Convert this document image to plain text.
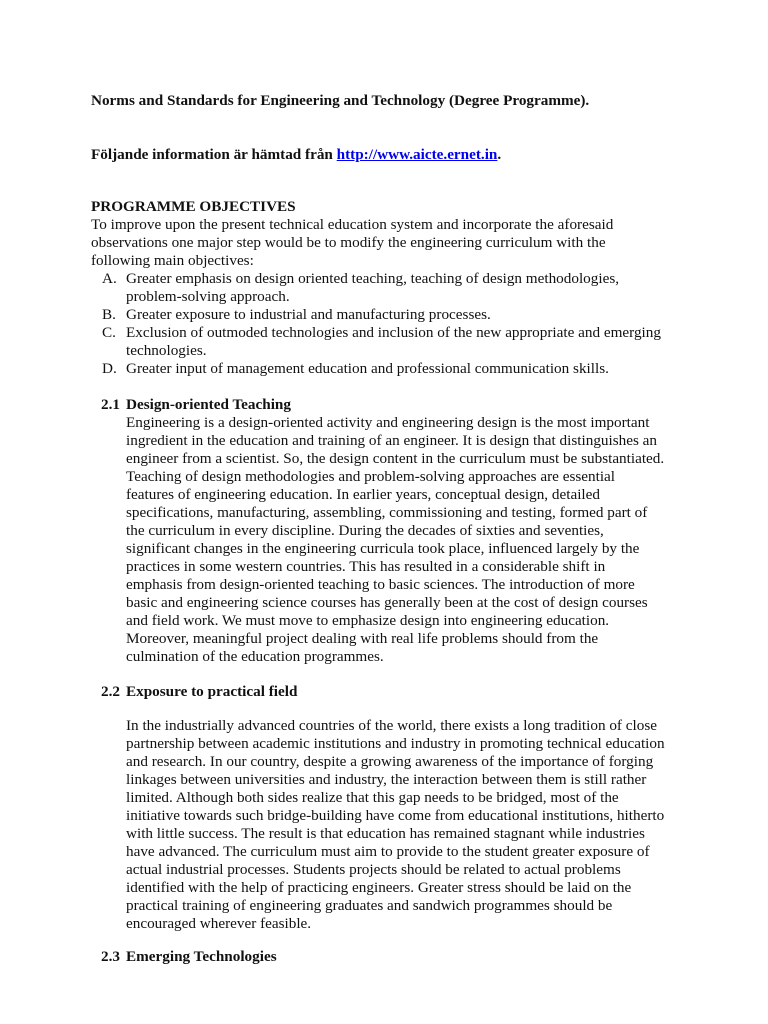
Norms and Standards for Engineering and Technology (Degree Programme).
Följande information är hämtad från http://www.aicte.ernet.in.
PROGRAMME OBJECTIVES
To improve upon the present technical education system and incorporate the aforesaid
observations one major step would be to modify the engineering curriculum with the
following main objectives:
A. Greater emphasis on design oriented teaching, teaching of design methodologies,
problem-solving approach.
B. Greater exposure to industrial and manufacturing processes.
C. Exclusion of outmoded technologies and inclusion of the new appropriate and emerging
technologies.
D. Greater input of management education and professional communication skills.
2.1 Design-oriented Teaching
Engineering is a design-oriented activity and engineering design is the most important
ingredient in the education and training of an engineer. It is design that distinguishes an
engineer from a scientist. So, the design content in the curriculum must be substantiated.
Teaching of design methodologies and problem-solving approaches are essential
features of engineering education. In earlier years, conceptual design, detailed
specifications, manufacturing, assembling, commissioning and testing, formed part of
the curriculum in every discipline. During the decades of sixties and seventies,
significant changes in the engineering curricula took place, influenced largely by the
practices in some western countries. This has resulted in a considerable shift in
emphasis from design-oriented teaching to basic sciences. The introduction of more
basic and engineering science courses has generally been at the cost of design courses
and field work. We must move to emphasize design into engineering education.
Moreover, meaningful project dealing with real life problems should from the
culmination of the education programmes.
2.2 Exposure to practical field
In the industrially advanced countries of the world, there exists a long tradition of close
partnership between academic institutions and industry in promoting technical education
and research. In our country, despite a growing awareness of the importance of forging
linkages between universities and industry, the interaction between them is still rather
limited. Although both sides realize that this gap needs to be bridged, most of the
initiative towards such bridge-building have come from educational institutions, hitherto
with little success. The result is that education has remained stagnant while industries
have advanced. The curriculum must aim to provide to the student greater exposure of
actual industrial processes. Students projects should be related to actual problems
identified with the help of practicing engineers. Greater stress should be laid on the
practical training of engineering graduates and sandwich programmes should be
encouraged wherever feasible.
2.3 Emerging Technologies
